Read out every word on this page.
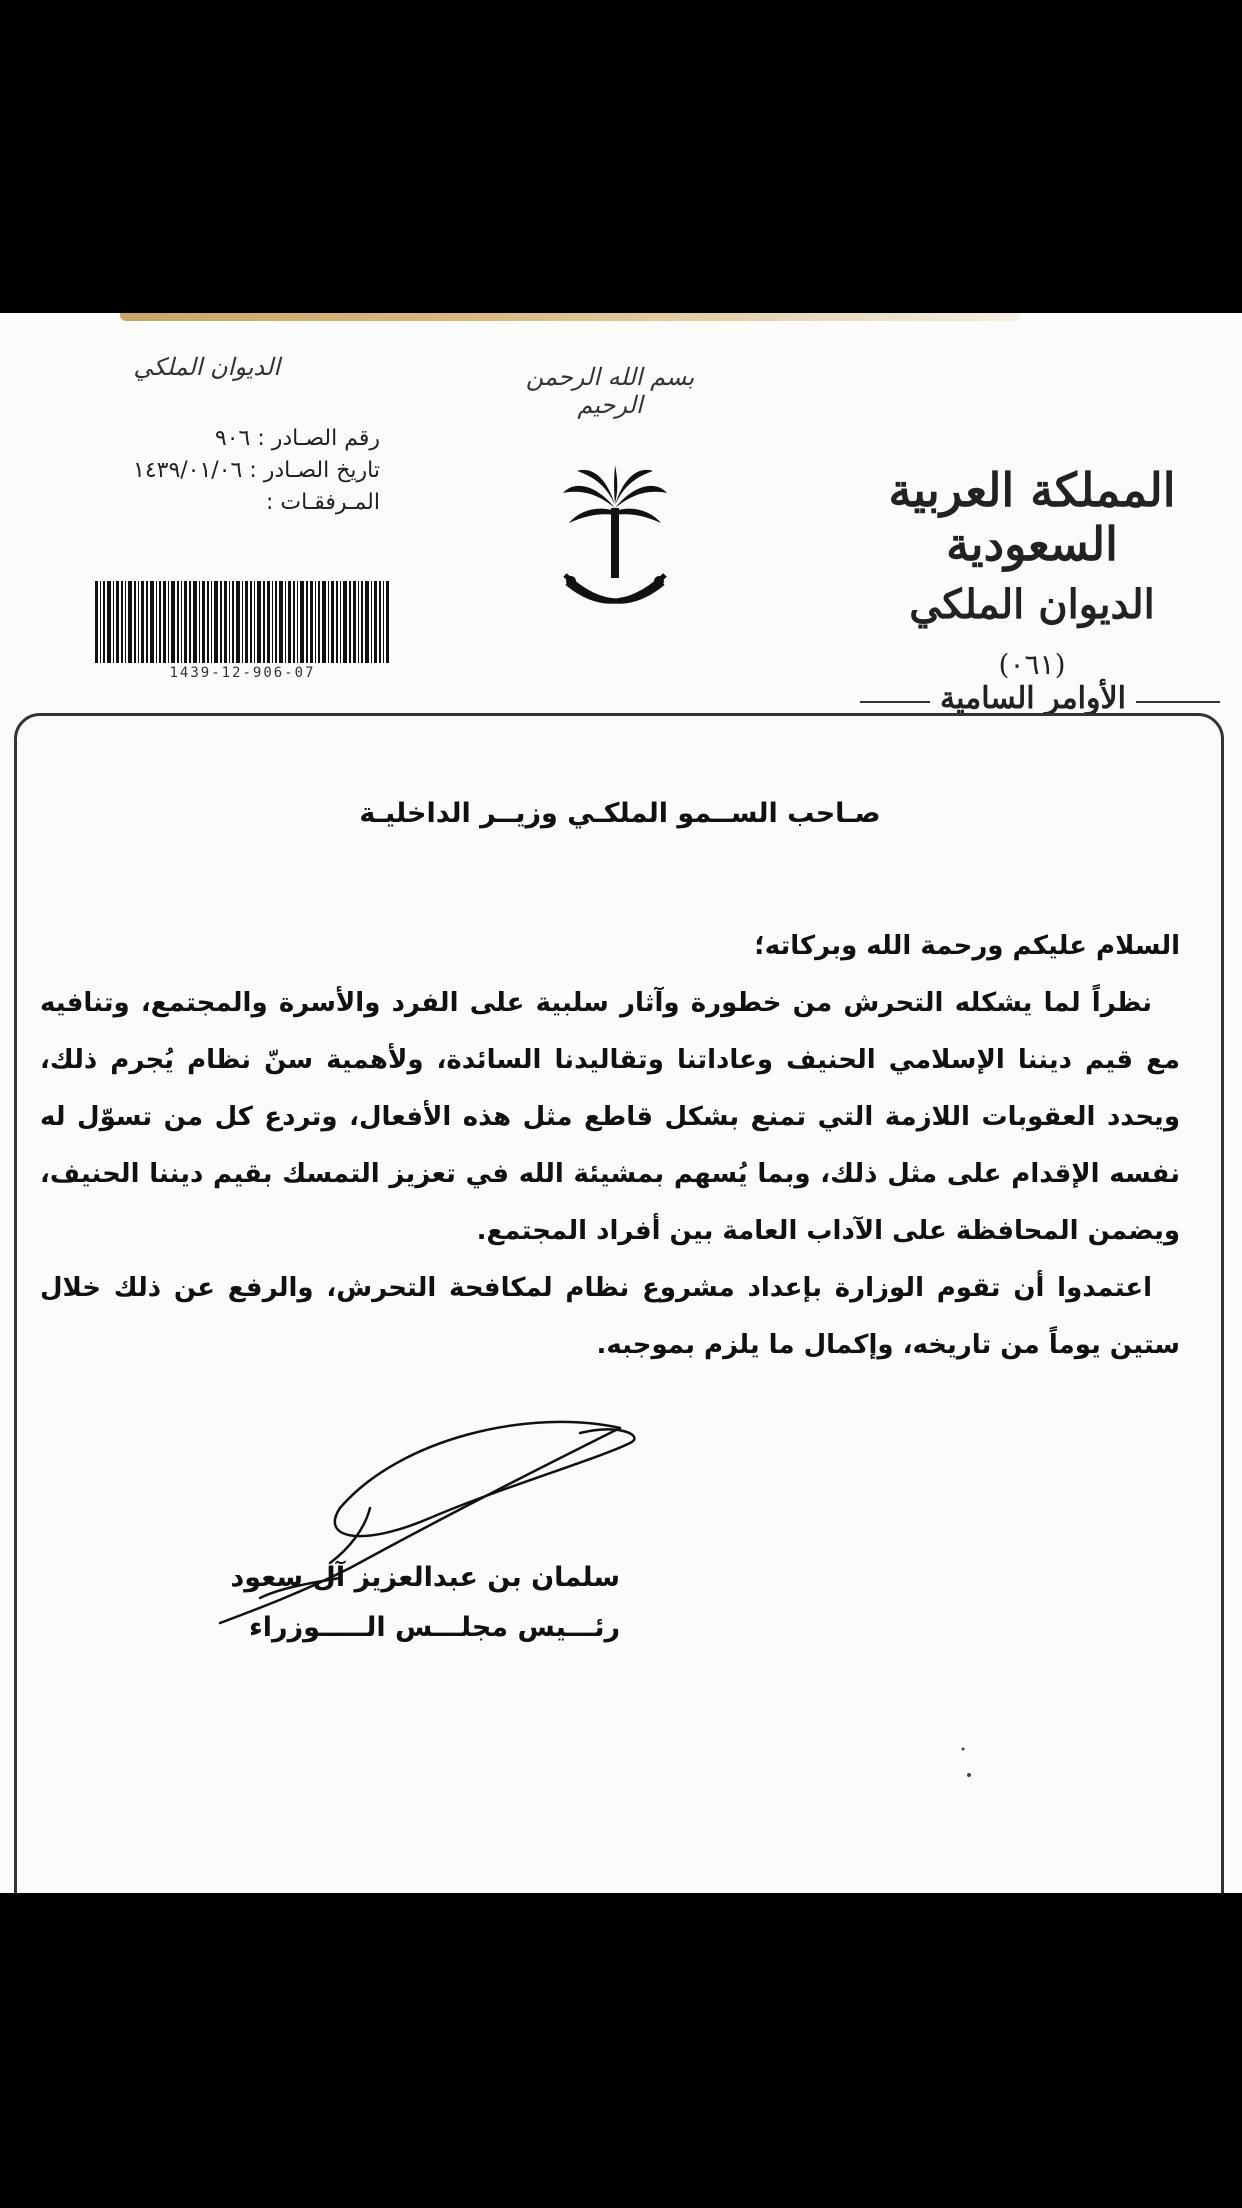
الديوان الملكي	بسم الله الرحمن الرحيم
رقم الصـادر : ٩٠٦
تاريخ الصـادر : ١٤٣٩/٠١/٠٦
المـرفقـات :
1439-12-906-07
المملكة العربية السعودية
الديوان الملكي
(٠٦١)
الأوامر السامية
صـاحب الســمو الملكـي وزيــر الداخليـة

السلام عليكم ورحمة الله وبركاته؛

نظراً لما يشكله التحرش من خطورة وآثار سلبية على الفرد والأسرة والمجتمع، وتنافيه مع قيم ديننا الإسلامي الحنيف وعاداتنا وتقاليدنا السائدة، ولأهمية سنّ نظام يُجرم ذلك، ويحدد العقوبات اللازمة التي تمنع بشكل قاطع مثل هذه الأفعال، وتردع كل من تسوّل له نفسه الإقدام على مثل ذلك، وبما يُسهم بمشيئة الله في تعزيز التمسك بقيم ديننا الحنيف، ويضمن المحافظة على الآداب العامة بين أفراد المجتمع.

اعتمدوا أن تقوم الوزارة بإعداد مشروع نظام لمكافحة التحرش، والرفع عن ذلك خلال ستين يوماً من تاريخه، وإكمال ما يلزم بموجبه.

سلمان بن عبدالعزيز آل سعود
رئـــيس مجلـــس الـــــوزراء
